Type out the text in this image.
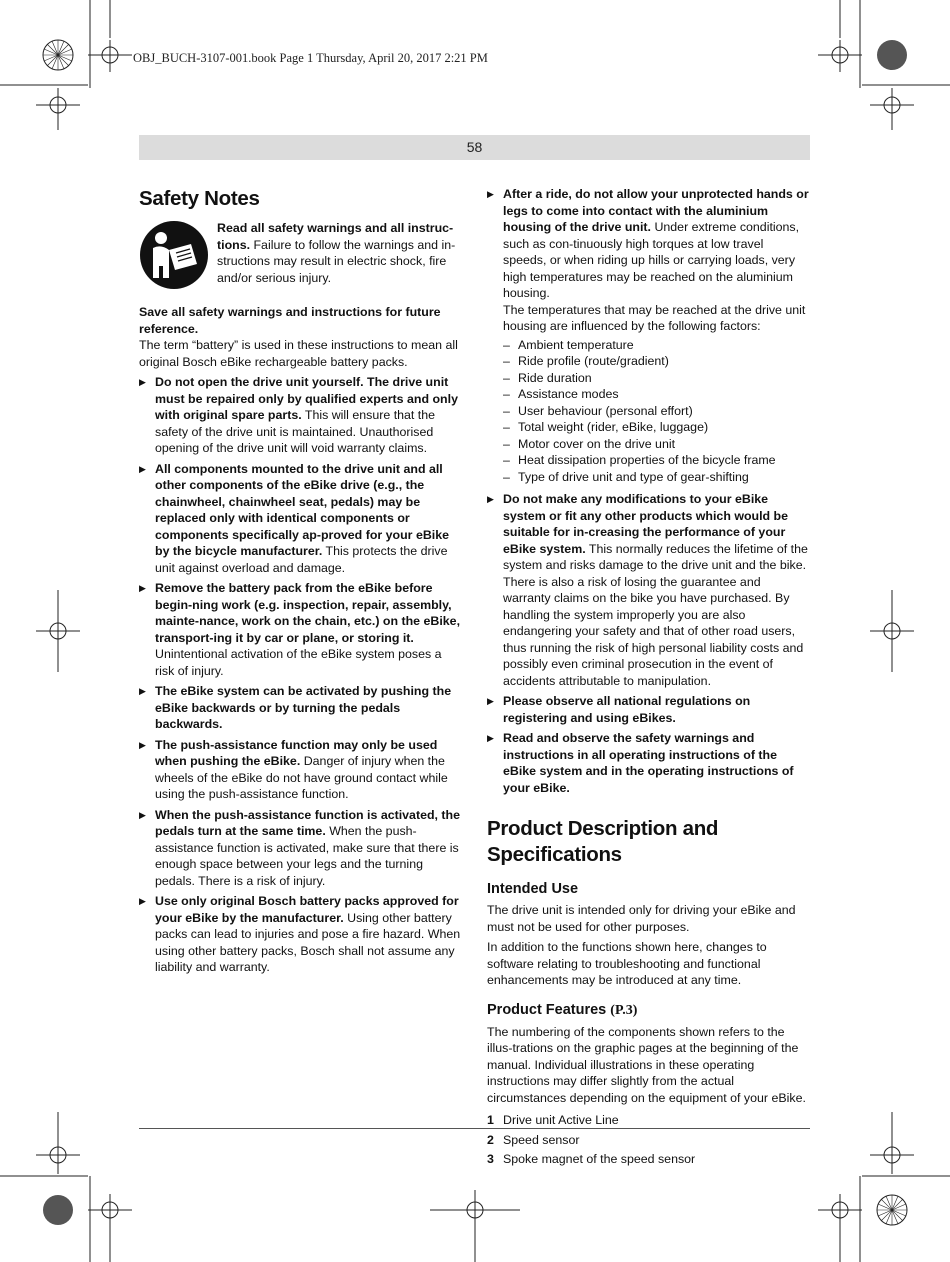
OBJ_BUCH-3107-001.book Page 1 Thursday, April 20, 2017 2:21 PM
58
Safety Notes

Read all safety warnings and all instruc-tions. Failure to follow the warnings and in-structions may result in electric shock, fire and/or serious injury.

Save all safety warnings and instructions for future reference.

The term “battery” is used in these instructions to mean all original Bosch eBike rechargeable battery packs.

▶ Do not open the drive unit yourself. The drive unit must be repaired only by qualified experts and only with original spare parts. This will ensure that the safety of the drive unit is maintained. Unauthorised opening of the drive unit will void warranty claims.

▶ All components mounted to the drive unit and all other components of the eBike drive (e.g., the chainwheel, chainwheel seat, pedals) may be replaced only with identical components or components specifically ap-proved for your eBike by the bicycle manufacturer. This protects the drive unit against overload and damage.

▶ Remove the battery pack from the eBike before begin-ning work (e.g. inspection, repair, assembly, mainte-nance, work on the chain, etc.) on the eBike, transport-ing it by car or plane, or storing it. Unintentional activation of the eBike system poses a risk of injury.

▶ The eBike system can be activated by pushing the eBike backwards or by turning the pedals backwards.

▶ The push-assistance function may only be used when pushing the eBike. Danger of injury when the wheels of the eBike do not have ground contact while using the push-assistance function.

▶ When the push-assistance function is activated, the pedals turn at the same time. When the push-assistance function is activated, make sure that there is enough space between your legs and the turning pedals. There is a risk of injury.

▶ Use only original Bosch battery packs approved for your eBike by the manufacturer. Using other battery packs can lead to injuries and pose a fire hazard. When using other battery packs, Bosch shall not assume any liability and warranty.

▶ After a ride, do not allow your unprotected hands or legs to come into contact with the aluminium housing of the drive unit. Under extreme conditions, such as con-tinuously high torques at low travel speeds, or when riding up hills or carrying loads, very high temperatures may be reached on the aluminium housing.

The temperatures that may be reached at the drive unit housing are influenced by the following factors:

– Ambient temperature
– Ride profile (route/gradient)
– Ride duration
– Assistance modes
– User behaviour (personal effort)
– Total weight (rider, eBike, luggage)
– Motor cover on the drive unit
– Heat dissipation properties of the bicycle frame
– Type of drive unit and type of gear-shifting
▶ Do not make any modifications to your eBike system or fit any other products which would be suitable for in-creasing the performance of your eBike system. This normally reduces the lifetime of the system and risks damage to the drive unit and the bike. There is also a risk of losing the guarantee and warranty claims on the bike you have purchased. By handling the system improperly you are also endangering your safety and that of other road users, thus running the risk of high personal liability costs and possibly even criminal prosecution in the event of accidents attributable to manipulation.

▶ Please observe all national regulations on registering and using eBikes.

▶ Read and observe the safety warnings and instructions in all operating instructions of the eBike system and in the operating instructions of your eBike.

Product Description and Specifications
Intended Use

The drive unit is intended only for driving your eBike and must not be used for other purposes.

In addition to the functions shown here, changes to software relating to troubleshooting and functional enhancements may be introduced at any time.

Product Features (P.3)

The numbering of the components shown refers to the illus-trations on the graphic pages at the beginning of the manual. Individual illustrations in these operating instructions may differ slightly from the actual circumstances depending on the equipment of your eBike.

1 Drive unit Active Line
2 Speed sensor
3 Spoke magnet of the speed sensor
